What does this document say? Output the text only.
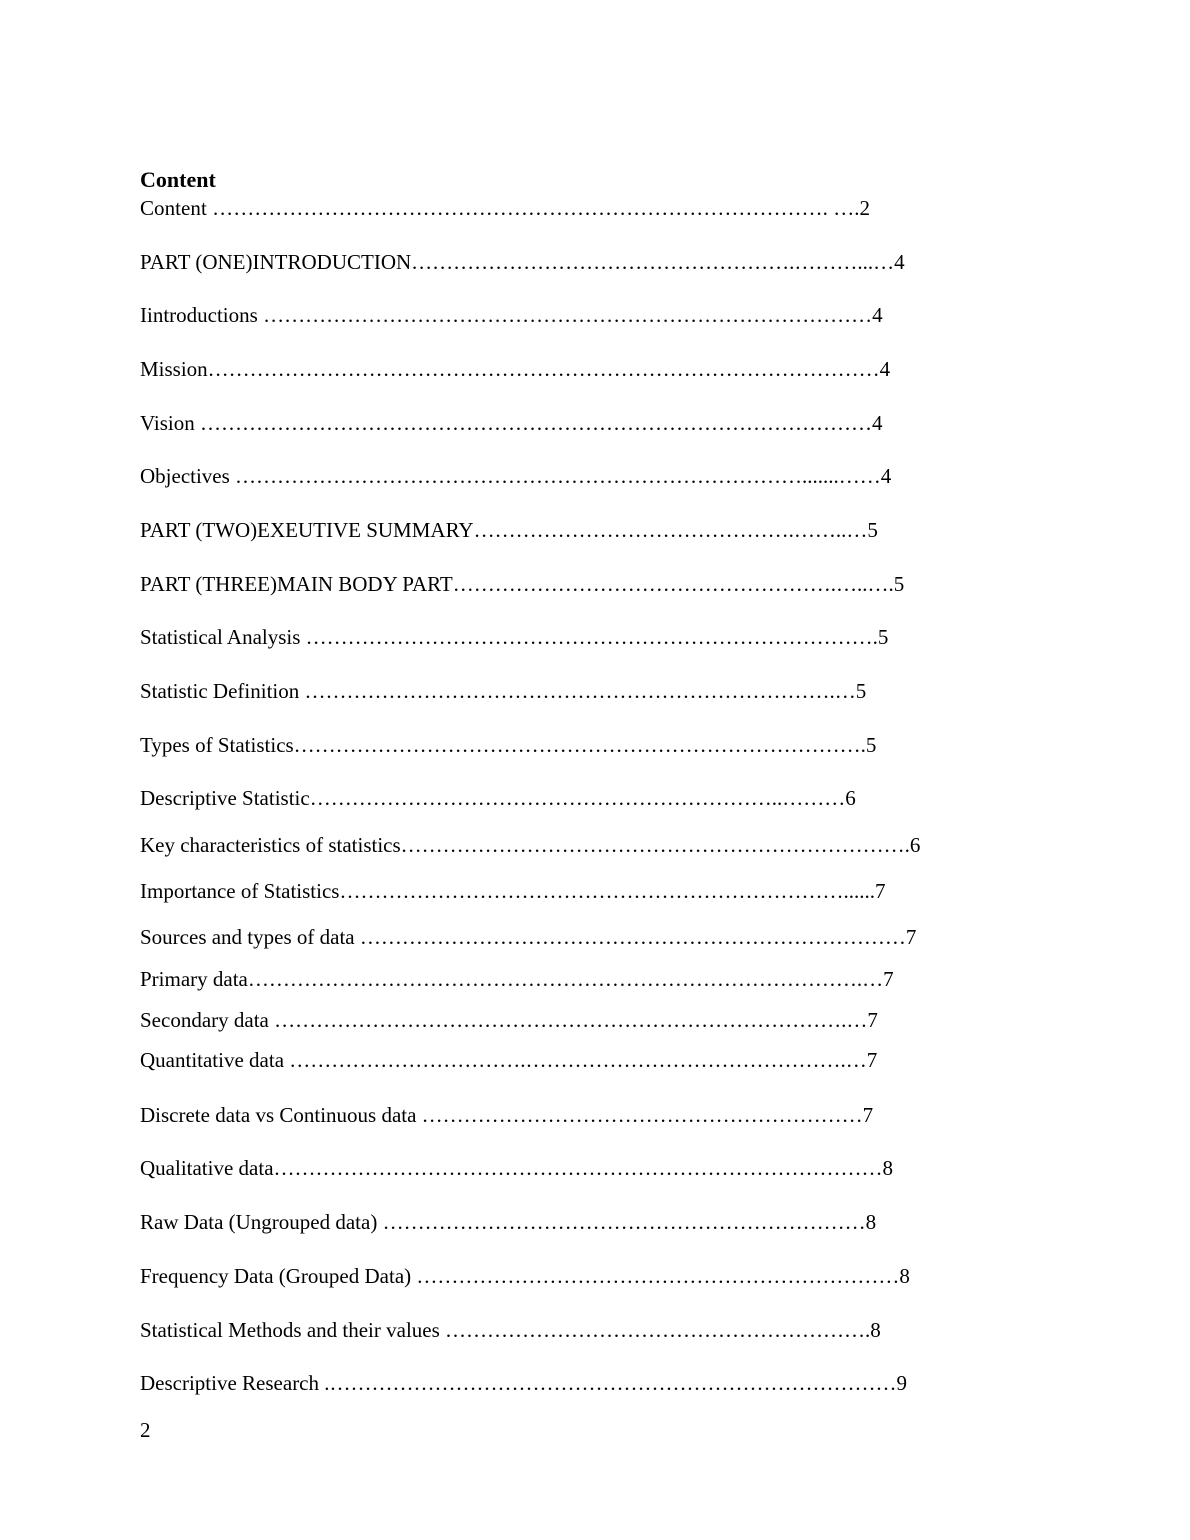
Content
Content ……………………………………………………………………………. ….2
PART (ONE)INTRODUCTION……………………………………………….………...…4
Iintroductions ……………………………………………………………………………4
Mission……………………………………………………………………………………4
Vision ……………………………………………………………………………………4
Objectives ……………………………………………………………………….......……4
PART (TWO)EXEUTIVE SUMMARY……………………………………….……..…5
PART (THREE)MAIN BODY PART……………………………………………….…..….5
Statistical Analysis ……………………………………………………………………….5
Statistic Definition ………………………………………………………………….…5
Types of Statistics……………………………………………………………………….5
Descriptive Statistic…………………………………………………………..………6
Key characteristics of statistics……………………………………………………………….6
Importance of Statistics………………………………………………………………......7
Sources and types of data ……………………………………………………………………7
Primary data…………………………………………………………………………….…7
Secondary data ……………………………………………………………………….…7
Quantitative data …………………………….……………………………………….…7
Discrete data vs Continuous data ………………………………………………………7
Qualitative data……………………………………………………………………………8
Raw Data (Ungrouped data) ……………………………………………………………8
Frequency Data (Grouped Data) ……………………………………………………………8
Statistical Methods and their values …………………………………………………….8
Descriptive Research .………………………………………………………………………9
2
